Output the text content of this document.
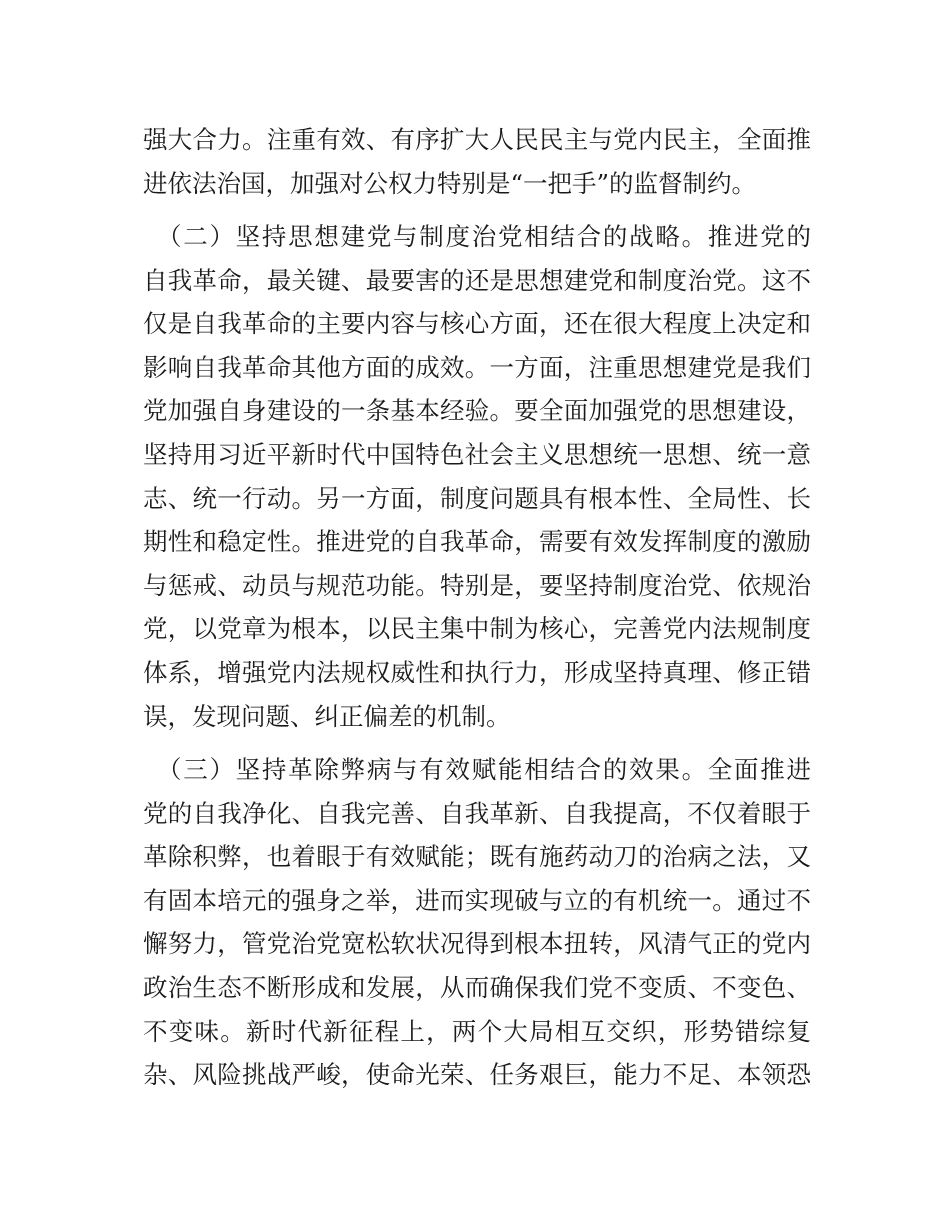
强大合力。注重有效、有序扩大人民民主与党内民主，全面推
进依法治国，加强对公权力特别是“一把手”的监督制约。
　（二）坚持思想建党与制度治党相结合的战略。推进党的
自我革命，最关键、最要害的还是思想建党和制度治党。这不
仅是自我革命的主要内容与核心方面，还在很大程度上决定和
影响自我革命其他方面的成效。一方面，注重思想建党是我们
党加强自身建设的一条基本经验。要全面加强党的思想建设，
坚持用习近平新时代中国特色社会主义思想统一思想、统一意
志、统一行动。另一方面，制度问题具有根本性、全局性、长
期性和稳定性。推进党的自我革命，需要有效发挥制度的激励
与惩戒、动员与规范功能。特别是，要坚持制度治党、依规治
党，以党章为根本，以民主集中制为核心，完善党内法规制度
体系，增强党内法规权威性和执行力，形成坚持真理、修正错
误，发现问题、纠正偏差的机制。
　（三）坚持革除弊病与有效赋能相结合的效果。全面推进
党的自我净化、自我完善、自我革新、自我提高，不仅着眼于
革除积弊，也着眼于有效赋能；既有施药动刀的治病之法，又
有固本培元的强身之举，进而实现破与立的有机统一。通过不
懈努力，管党治党宽松软状况得到根本扭转，风清气正的党内
政治生态不断形成和发展，从而确保我们党不变质、不变色、
不变味。新时代新征程上，两个大局相互交织，形势错综复
杂、风险挑战严峻，使命光荣、任务艰巨，能力不足、本领恐
